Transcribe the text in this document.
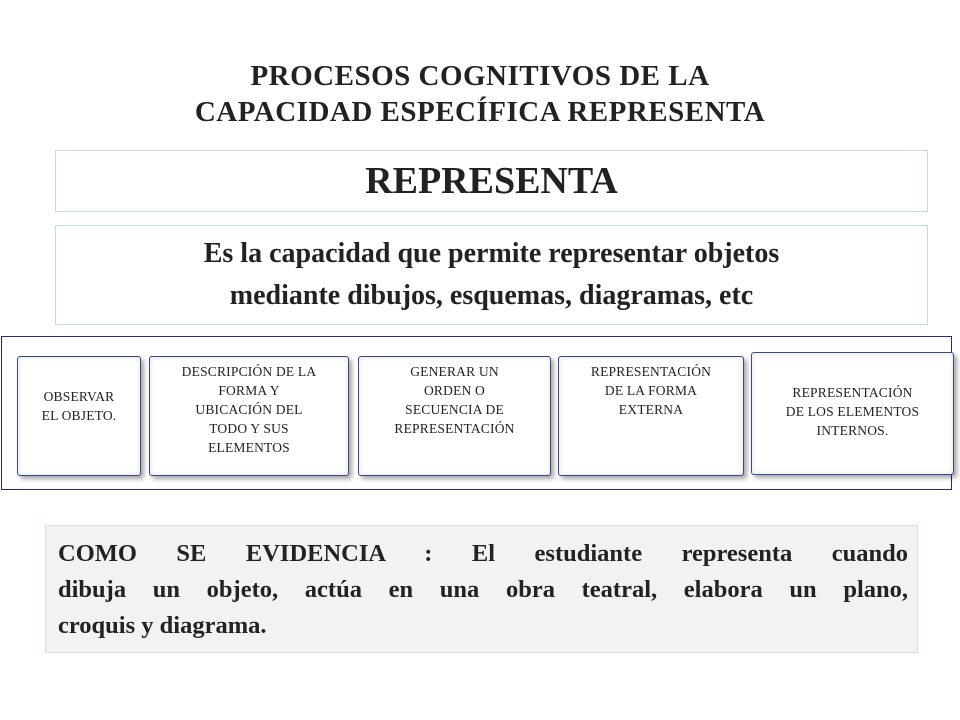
PROCESOS COGNITIVOS DE LA
CAPACIDAD ESPECÍFICA REPRESENTA
REPRESENTA
Es la capacidad que permite representar objetos
mediante dibujos, esquemas, diagramas, etc
OBSERVAR
EL OBJETO.
DESCRIPCIÓN DE LA
FORMA Y
UBICACIÓN DEL
TODO Y SUS
ELEMENTOS
GENERAR UN
ORDEN O
SECUENCIA DE
REPRESENTACIÓN
REPRESENTACIÓN
DE LA FORMA
EXTERNA
REPRESENTACIÓN
DE LOS ELEMENTOS
INTERNOS.
COMO SE EVIDENCIA : El estudiante representa cuando
dibuja un objeto, actúa en una obra teatral, elabora un plano,
croquis y diagrama.
